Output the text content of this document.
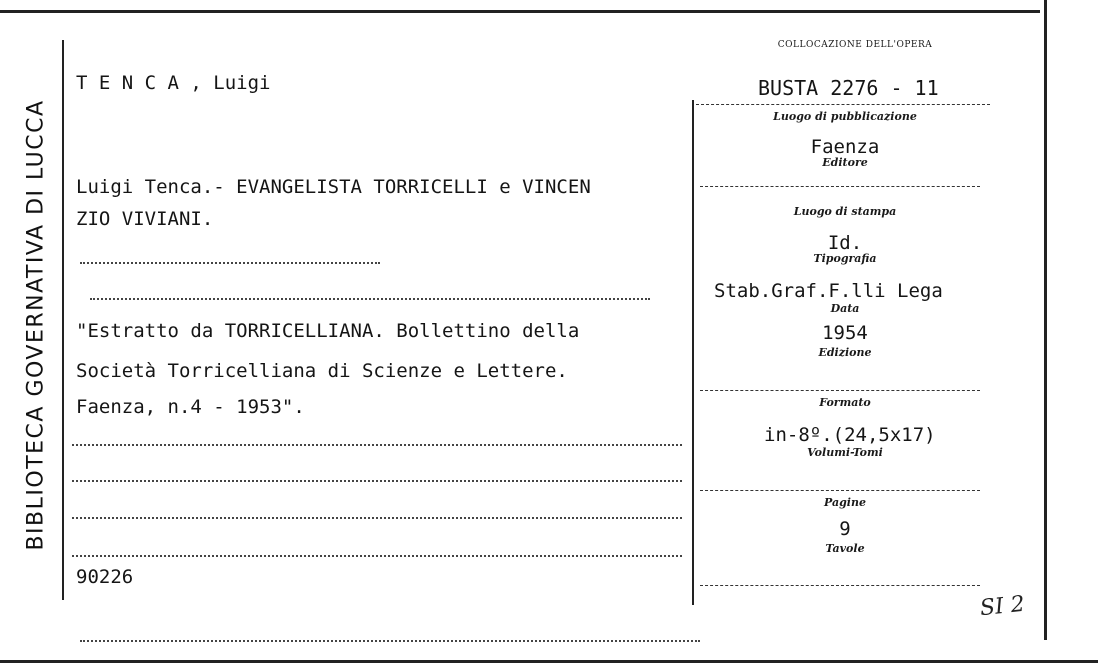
BIBLIOTECA GOVERNATIVA DI LUCCA
T E N C A , Luigi
COLLOCAZIONE DELL'OPERA
BUSTA 2276 - 11
Luigi Tenca.- EVANGELISTA TORRICELLI e VINCEN
ZIO VIVIANI.
"Estratto da TORRICELLIANA. Bollettino della
Società Torricelliana di Scienze e Lettere.
Faenza, n.4 - 1953".
90226
Luogo di pubblicazione
Faenza
Editore
Luogo di stampa
Id.
Tipografia
Stab.Graf.F.lli Lega
Data
1954
Edizione
Formato
in-8º.(24,5x17)
Volumi-Tomi
Pagine
9
Tavole
SI 2
